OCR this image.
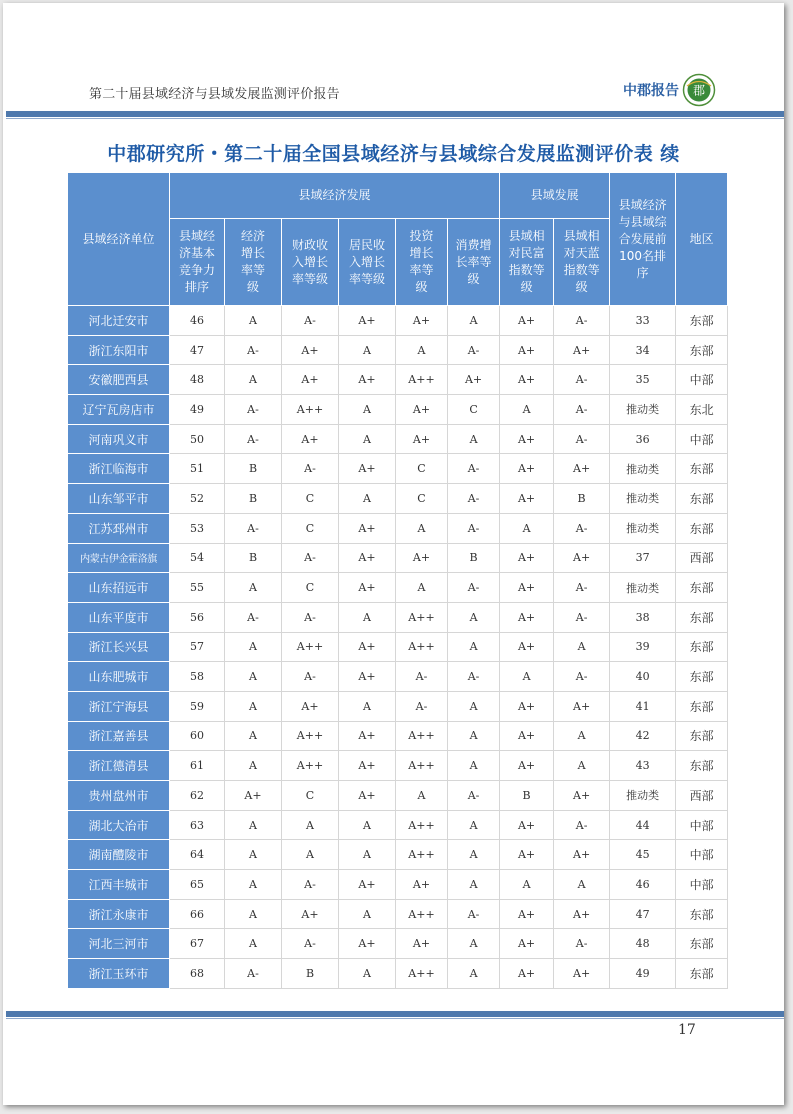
第二十届县域经济与县域发展监测评价报告	中郡报告 郡
中郡研究所・第二十届全国县域经济与县域综合发展监测评价表 续
县域经济单位	县域经济发展						县域发展		县域经济与县域综合发展前100名排序	地区
	县域经济基本竞争力排序	经济增长率等级	财政收入增长率等级	居民收入增长率等级	投资增长率等级	消费增长率等级	县域相对民富指数等级	县域相对天蓝指数等级		
河北迁安市	46	A	A-	A+	A+	A	A+	A-	33	东部
浙江东阳市	47	A-	A+	A	A	A-	A+	A+	34	东部
安徽肥西县	48	A	A+	A+	A++	A+	A+	A-	35	中部
辽宁瓦房店市	49	A-	A++	A	A+	C	A	A-	推动类	东北
河南巩义市	50	A-	A+	A	A+	A	A+	A-	36	中部
浙江临海市	51	B	A-	A+	C	A-	A+	A+	推动类	东部
山东邹平市	52	B	C	A	C	A-	A+	B	推动类	东部
江苏邳州市	53	A-	C	A+	A	A-	A	A-	推动类	东部
内蒙古伊金霍洛旗	54	B	A-	A+	A+	B	A+	A+	37	西部
山东招远市	55	A	C	A+	A	A-	A+	A-	推动类	东部
山东平度市	56	A-	A-	A	A++	A	A+	A-	38	东部
浙江长兴县	57	A	A++	A+	A++	A	A+	A	39	东部
山东肥城市	58	A	A-	A+	A-	A-	A	A-	40	东部
浙江宁海县	59	A	A+	A	A-	A	A+	A+	41	东部
浙江嘉善县	60	A	A++	A+	A++	A	A+	A	42	东部
浙江德清县	61	A	A++	A+	A++	A	A+	A	43	东部
贵州盘州市	62	A+	C	A+	A	A-	B	A+	推动类	西部
湖北大冶市	63	A	A	A	A++	A	A+	A-	44	中部
湖南醴陵市	64	A	A	A	A++	A	A+	A+	45	中部
江西丰城市	65	A	A-	A+	A+	A	A	A	46	中部
浙江永康市	66	A	A+	A	A++	A-	A+	A+	47	东部
河北三河市	67	A	A-	A+	A+	A	A+	A-	48	东部
浙江玉环市	68	A-	B	A	A++	A	A+	A+	49	东部
17
